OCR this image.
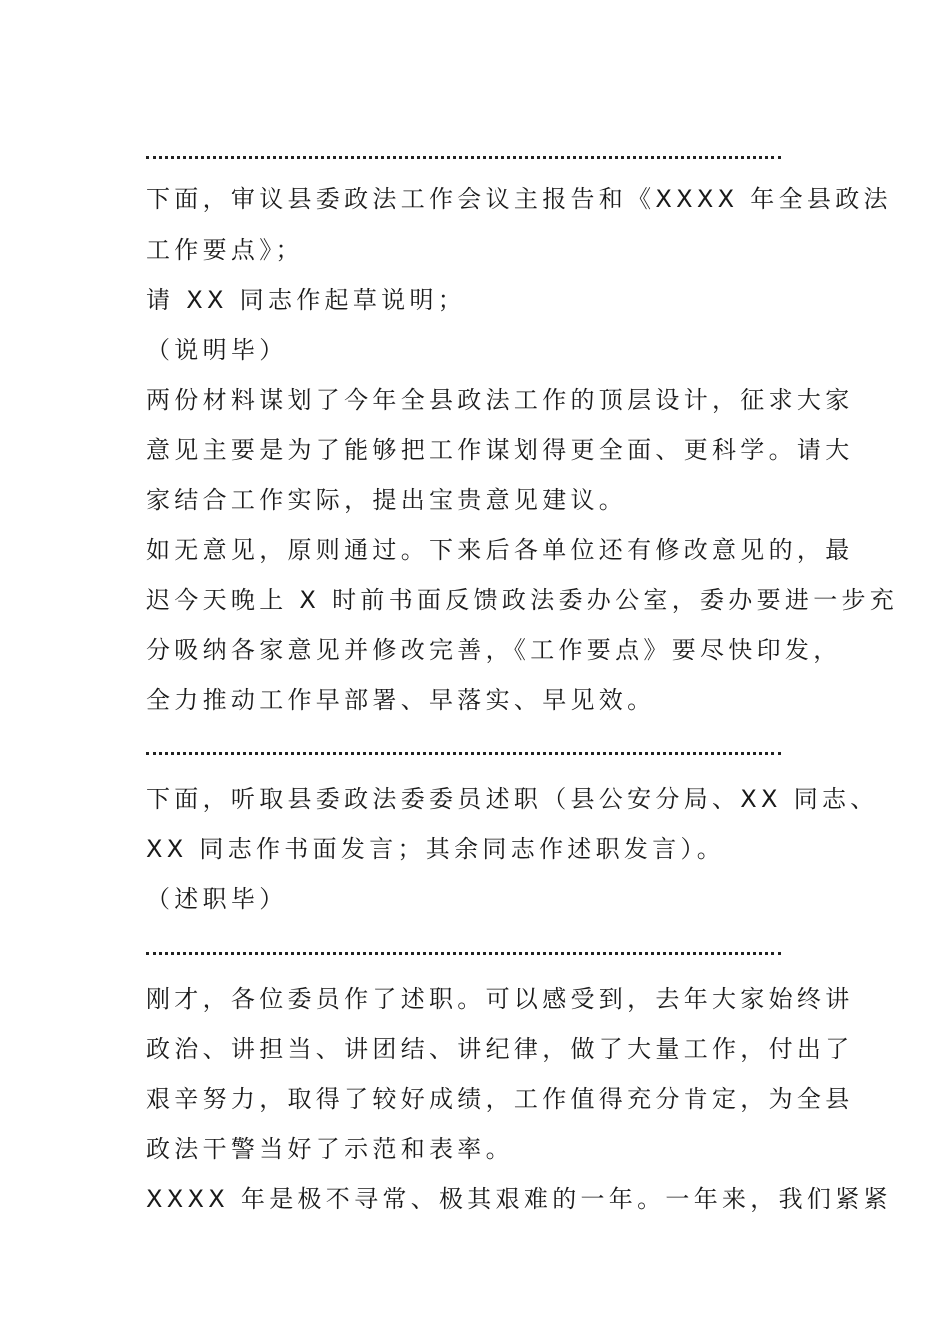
下面，审议县委政法工作会议主报告和《XXXX 年全县政法
工作要点》；
请 XX 同志作起草说明；
（说明毕）
两份材料谋划了今年全县政法工作的顶层设计，征求大家
意见主要是为了能够把工作谋划得更全面、更科学。请大
家结合工作实际，提出宝贵意见建议。
如无意见，原则通过。下来后各单位还有修改意见的，最
迟今天晚上 X 时前书面反馈政法委办公室，委办要进一步充
分吸纳各家意见并修改完善，《工作要点》要尽快印发，
全力推动工作早部署、早落实、早见效。
下面，听取县委政法委委员述职（县公安分局、XX 同志、
XX 同志作书面发言；其余同志作述职发言）。
（述职毕）
刚才，各位委员作了述职。可以感受到，去年大家始终讲
政治、讲担当、讲团结、讲纪律，做了大量工作，付出了
艰辛努力，取得了较好成绩，工作值得充分肯定，为全县
政法干警当好了示范和表率。
XXXX 年是极不寻常、极其艰难的一年。一年来，我们紧紧
